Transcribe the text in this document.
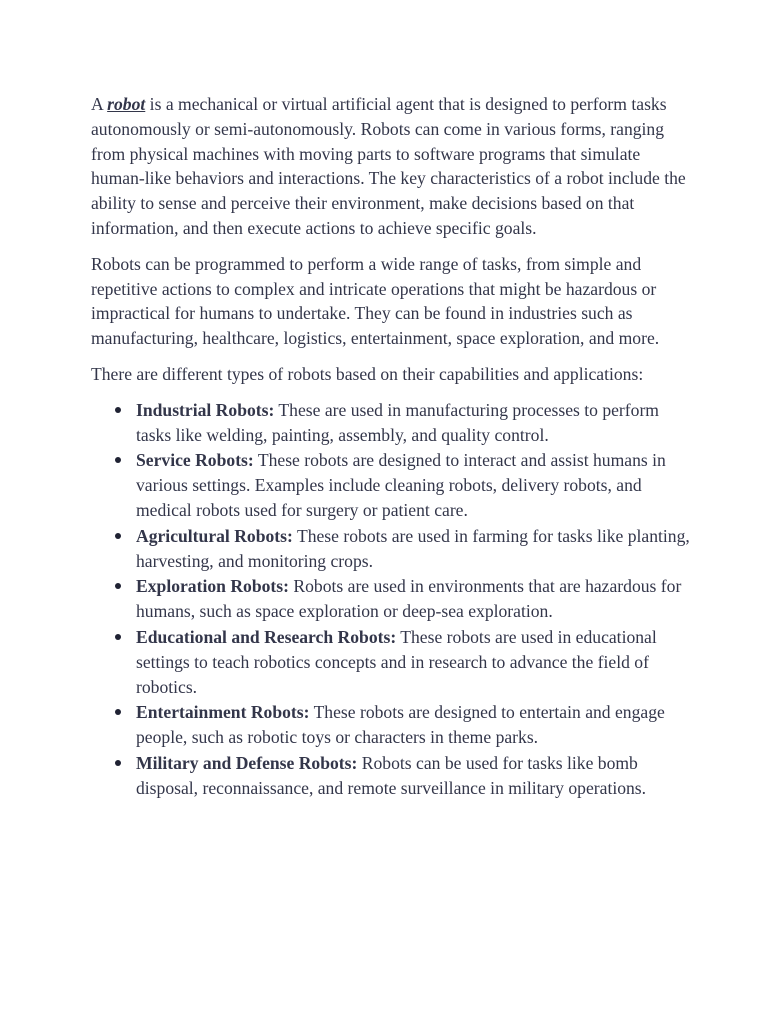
A robot is a mechanical or virtual artificial agent that is designed to perform tasks autonomously or semi-autonomously. Robots can come in various forms, ranging from physical machines with moving parts to software programs that simulate human-like behaviors and interactions. The key characteristics of a robot include the ability to sense and perceive their environment, make decisions based on that information, and then execute actions to achieve specific goals.

Robots can be programmed to perform a wide range of tasks, from simple and repetitive actions to complex and intricate operations that might be hazardous or impractical for humans to undertake. They can be found in industries such as manufacturing, healthcare, logistics, entertainment, space exploration, and more.

There are different types of robots based on their capabilities and applications:

Industrial Robots: These are used in manufacturing processes to perform tasks like welding, painting, assembly, and quality control.
Service Robots: These robots are designed to interact and assist humans in various settings. Examples include cleaning robots, delivery robots, and medical robots used for surgery or patient care.
Agricultural Robots: These robots are used in farming for tasks like planting, harvesting, and monitoring crops.
Exploration Robots: Robots are used in environments that are hazardous for humans, such as space exploration or deep-sea exploration.
Educational and Research Robots: These robots are used in educational settings to teach robotics concepts and in research to advance the field of robotics.
Entertainment Robots: These robots are designed to entertain and engage people, such as robotic toys or characters in theme parks.
Military and Defense Robots: Robots can be used for tasks like bomb disposal, reconnaissance, and remote surveillance in military operations.
